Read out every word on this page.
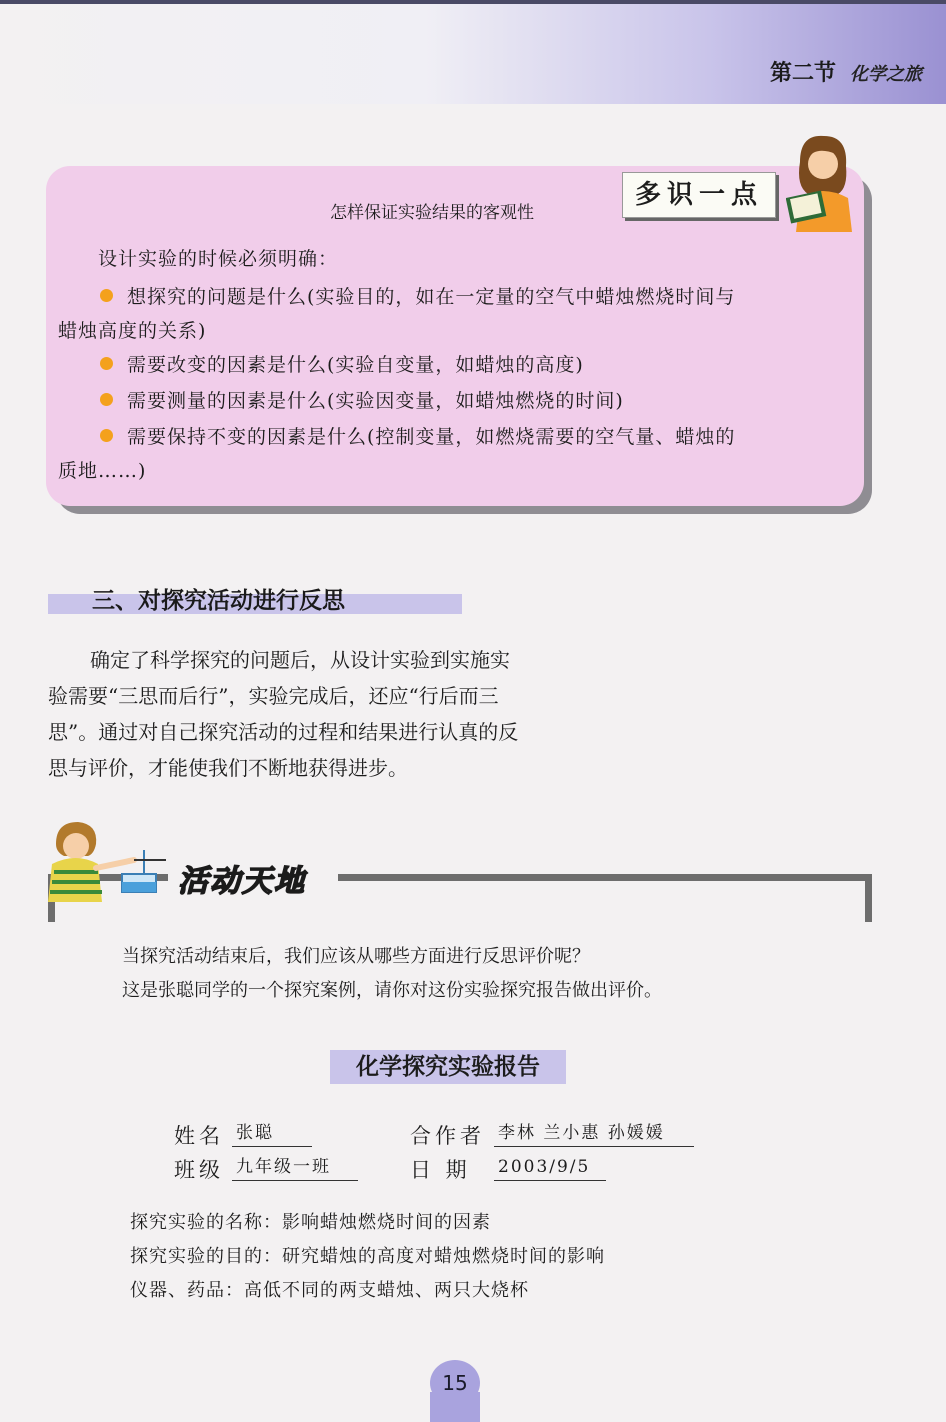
第二节 化学之旅
怎样保证实验结果的客观性
多识一点
设计实验的时候必须明确：
想探究的问题是什么(实验目的，如在一定量的空气中蜡烛燃烧时间与
蜡烛高度的关系)
需要改变的因素是什么(实验自变量，如蜡烛的高度)
需要测量的因素是什么(实验因变量，如蜡烛燃烧的时间)
需要保持不变的因素是什么(控制变量，如燃烧需要的空气量、蜡烛的
质地……)
三、对探究活动进行反思
确定了科学探究的问题后，从设计实验到实施实
验需要“三思而后行”，实验完成后，还应“行后而三
思”。通过对自己探究活动的过程和结果进行认真的反
思与评价，才能使我们不断地获得进步。
活动天地
当探究活动结束后，我们应该从哪些方面进行反思评价呢？
这是张聪同学的一个探究案例，请你对这份实验探究报告做出评价。
化学探究实验报告
姓名 张聪	合作者 李林 兰小惠 孙媛媛
班级 九年级一班	日 期 2003/9/5
探究实验的名称：影响蜡烛燃烧时间的因素
探究实验的目的：研究蜡烛的高度对蜡烛燃烧时间的影响
仪器、药品：高低不同的两支蜡烛、两只大烧杯
15
